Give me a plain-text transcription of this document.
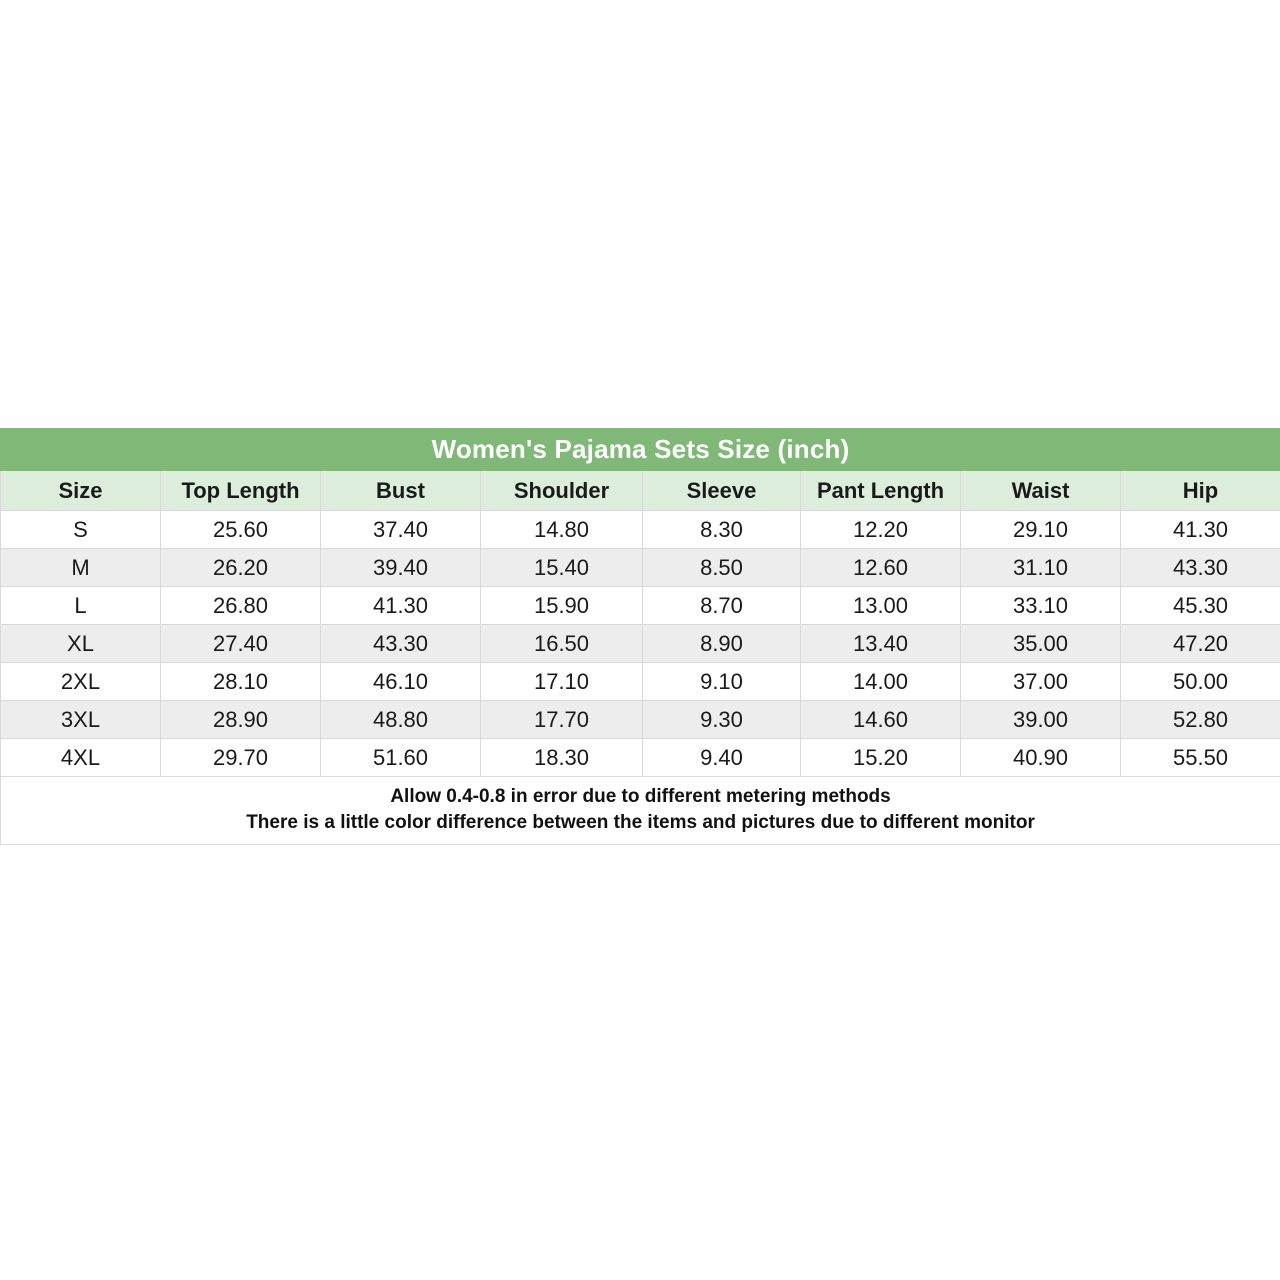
Women's Pajama Sets Size (inch)							
Size	Top Length	Bust	Shoulder	Sleeve	Pant Length	Waist	Hip
S	25.60	37.40	14.80	8.30	12.20	29.10	41.30
M	26.20	39.40	15.40	8.50	12.60	31.10	43.30
L	26.80	41.30	15.90	8.70	13.00	33.10	45.30
XL	27.40	43.30	16.50	8.90	13.40	35.00	47.20
2XL	28.10	46.10	17.10	9.10	14.00	37.00	50.00
3XL	28.90	48.80	17.70	9.30	14.60	39.00	52.80
4XL	29.70	51.60	18.30	9.40	15.20	40.90	55.50

Allow 0.4-0.8 in error due to different metering methods
There is a little color difference between the items and pictures due to different monitor							
